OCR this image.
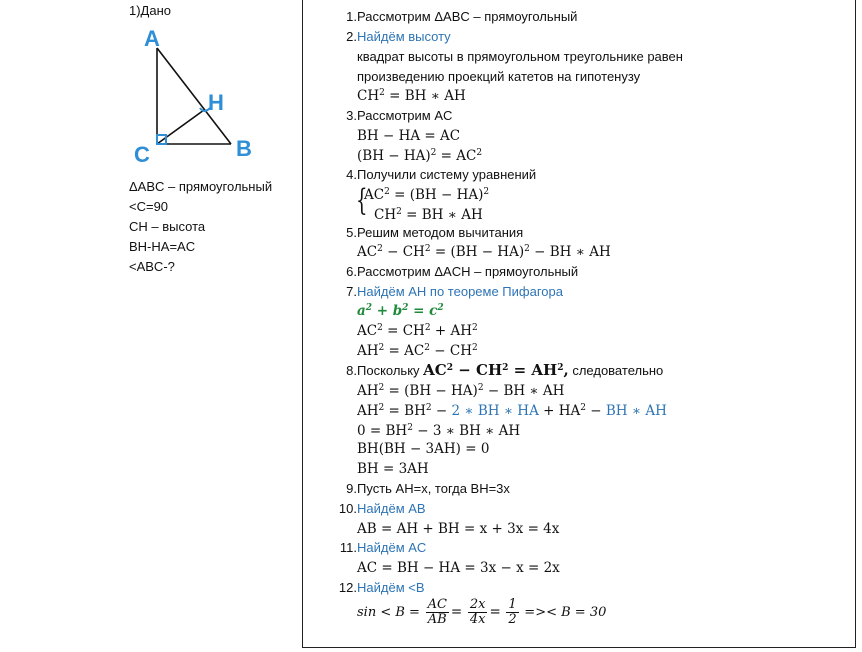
1)Дано
A
H
C	B
ΔABC – прямоугольный
<C=90
CH – высота
BH-HA=AC
<ABC-?
1. Рассмотрим ΔABC – прямоугольный
2. Найдём высоту
квадрат высоты в прямоугольном треугольнике равен
произведению проекций катетов на гипотенузу
$CH^2$ = BH ∗ AH
3. Рассмотрим AC
BH − HA = AC
$(BH - HA)^2 = AC^2$
4. Получили систему уравнений
{
$AC^2 = (BH - HA)^2$
$CH^2$ = BH ∗ AH
5. Решим методом вычитания
$AC^2 - CH^2 = (BH - HA)^2$ − BH ∗ AH
6. Рассмотрим ΔACH – прямоугольный
7. Найдём AH по теореме Пифагора
$a^2 + b^2 = c^2$
$AC^2 = CH^2 + AH^2$
$AH^2 = AC^2 - CH^2$
8. Поскольку $AC^2 - CH^2 = AH^2$, следовательно
$AH^2 = (BH - HA)^2$ − BH ∗ AH
$AH^2 = BH^2 - 2$ ∗ BH ∗ HA + $HA^2$ − BH ∗ AH
$0 = BH^2 - 3$ ∗ BH ∗ AH
BH(BH − 3AH) = 0
BH = 3AH
9. Пусть AH=x, тогда BH=3x
10. Найдём AB
AB = AH + BH = x + 3x = 4x
11. Найдём AC
AC = BH − HA = 3x − x = 2x
12. Найдём <B
$\sin < B = \frac{AC}{AB} = \frac{2x}{4x} = \frac{1}{2}$ =>< B = 30
